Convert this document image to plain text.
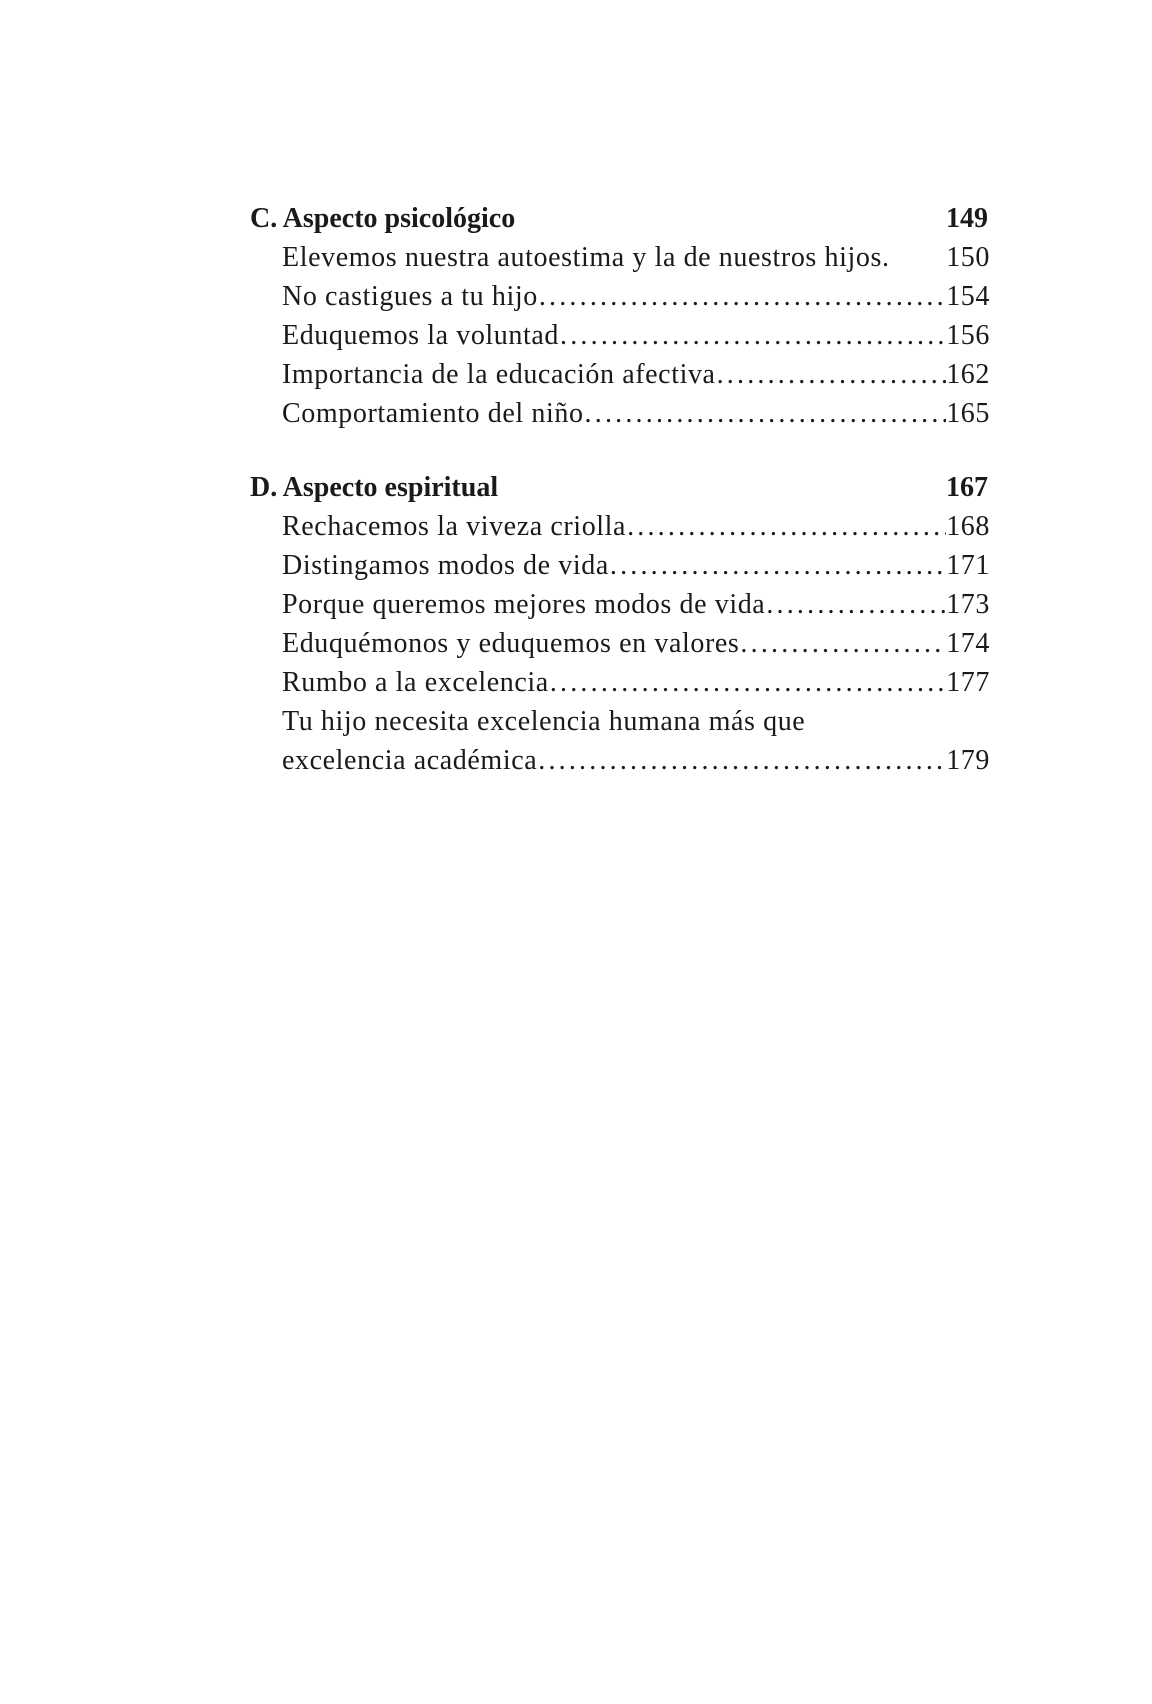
C. Aspecto psicológico	149
Elevemos nuestra autoestima y la de nuestros hijos.	150
No castigues a tu hijo .....	154
Eduquemos la voluntad .....	156
Importancia de la educación afectiva .....	162
Comportamiento del niño .....	165
D. Aspecto espiritual	167
Rechacemos la viveza criolla .....	168
Distingamos modos de vida .....	171
Porque queremos mejores modos de vida .....	173
Eduquémonos y eduquemos en valores .....	174
Rumbo a la excelencia .....	177
Tu hijo necesita excelencia humana más que
excelencia académica .....	179
